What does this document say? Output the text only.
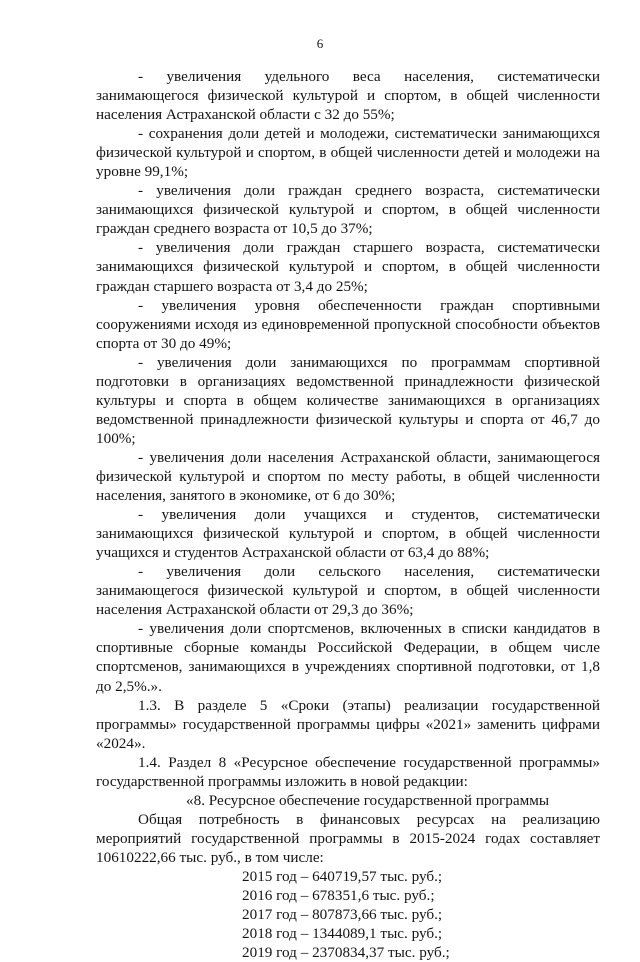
6

- увеличения удельного веса населения, систематически занимающегося физической культурой и спортом, в общей численности населения Астраханской области с 32 до 55%;

- сохранения доли детей и молодежи, систематически занимающихся физической культурой и спортом, в общей численности детей и молодежи на уровне 99,1%;

- увеличения доли граждан среднего возраста, систематически занимающихся физической культурой и спортом, в общей численности граждан среднего возраста от 10,5 до 37%;

- увеличения доли граждан старшего возраста, систематически занимающихся физической культурой и спортом, в общей численности граждан старшего возраста от 3,4 до 25%;

- увеличения уровня обеспеченности граждан спортивными сооружениями исходя из единовременной пропускной способности объектов спорта от 30 до 49%;

- увеличения доли занимающихся по программам спортивной подготовки в организациях ведомственной принадлежности физической культуры и спорта в общем количестве занимающихся в организациях ведомственной принадлежности физической культуры и спорта от 46,7 до 100%;

- увеличения доли населения Астраханской области, занимающегося физической культурой и спортом по месту работы, в общей численности населения, занятого в экономике, от 6 до 30%;

- увеличения доли учащихся и студентов, систематически занимающихся физической культурой и спортом, в общей численности учащихся и студентов Астраханской области от 63,4 до 88%;

- увеличения доли сельского населения, систематически занимающегося физической культурой и спортом, в общей численности населения Астраханской области от 29,3 до 36%;

- увеличения доли спортсменов, включенных в списки кандидатов в спортивные сборные команды Российской Федерации, в общем числе спортсменов, занимающихся в учреждениях спортивной подготовки, от 1,8 до 2,5%.».

1.3. В разделе 5 «Сроки (этапы) реализации государственной программы» государственной программы цифры «2021» заменить цифрами «2024».

1.4. Раздел 8 «Ресурсное обеспечение государственной программы» государственной программы изложить в новой редакции:

«8. Ресурсное обеспечение государственной программы

Общая потребность в финансовых ресурсах на реализацию мероприятий государственной программы в 2015-2024 годах составляет 10610222,66 тыс. руб., в том числе:

2015 год – 640719,57 тыс. руб.;

2016 год – 678351,6 тыс. руб.;

2017 год – 807873,66 тыс. руб.;

2018 год – 1344089,1 тыс. руб.;

2019 год – 2370834,37 тыс. руб.;
